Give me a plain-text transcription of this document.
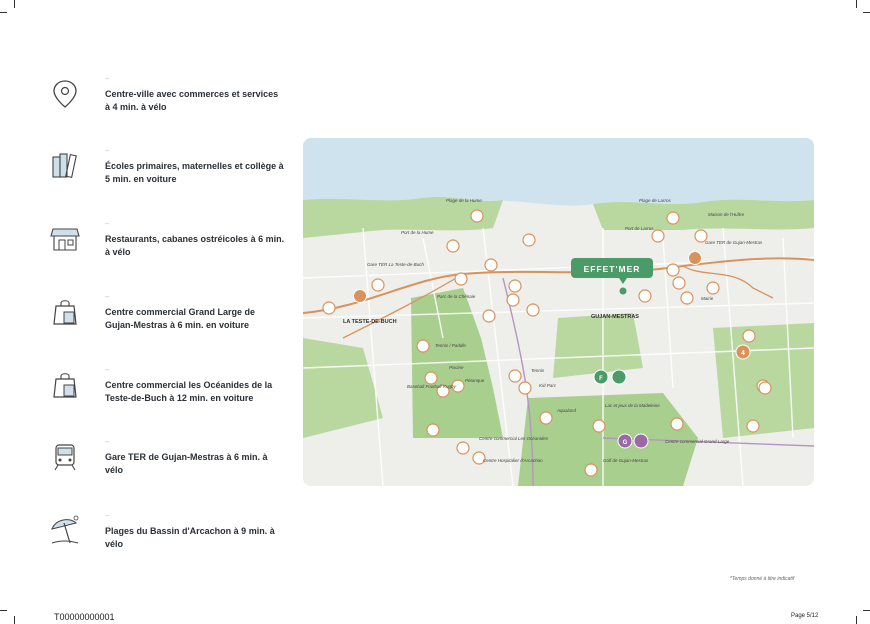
–
Centre-ville avec commerces et services à 4 min. à vélo
–
Écoles primaires, maternelles et collège à 5 min. en voiture
–
Restaurants, cabanes ostréicoles à 6 min. à vélo
–
Centre commercial Grand Large de Gujan-Mestras à 6 min. en voiture
–
Centre commercial les Océanides de la Teste-de-Buch à 12 min. en voiture
–
Gare TER de Gujan-Mestras à 6 min. à vélo
–
Plages du Bassin d'Arcachon à 9 min. à vélo
4
F
G
EFFET'MER
LA TESTE-DE-BUCH
GUJAN-MESTRAS
Plage de la Hume	Plage de Larros
Port de la Hume
Port de Larros
Maison de l'Huître
Gare TER de Gujan-Mestras
Gare TER La Teste-de-Buch
Parc de la Chênaie	Mairie
Tennis / Paddle
Piscine
Pétanque
Baseball Football Rugby
Tennis
Kid Parc
Aqualand
Lac et jeux de la Madeleine
Centre commercial Les Océanides
Centre Hospitalier d'Arcachon	Golf de Gujan-Mestras
Centre commercial Grand Large
*Temps donné à titre indicatif
T00000000001	Page 5/12
